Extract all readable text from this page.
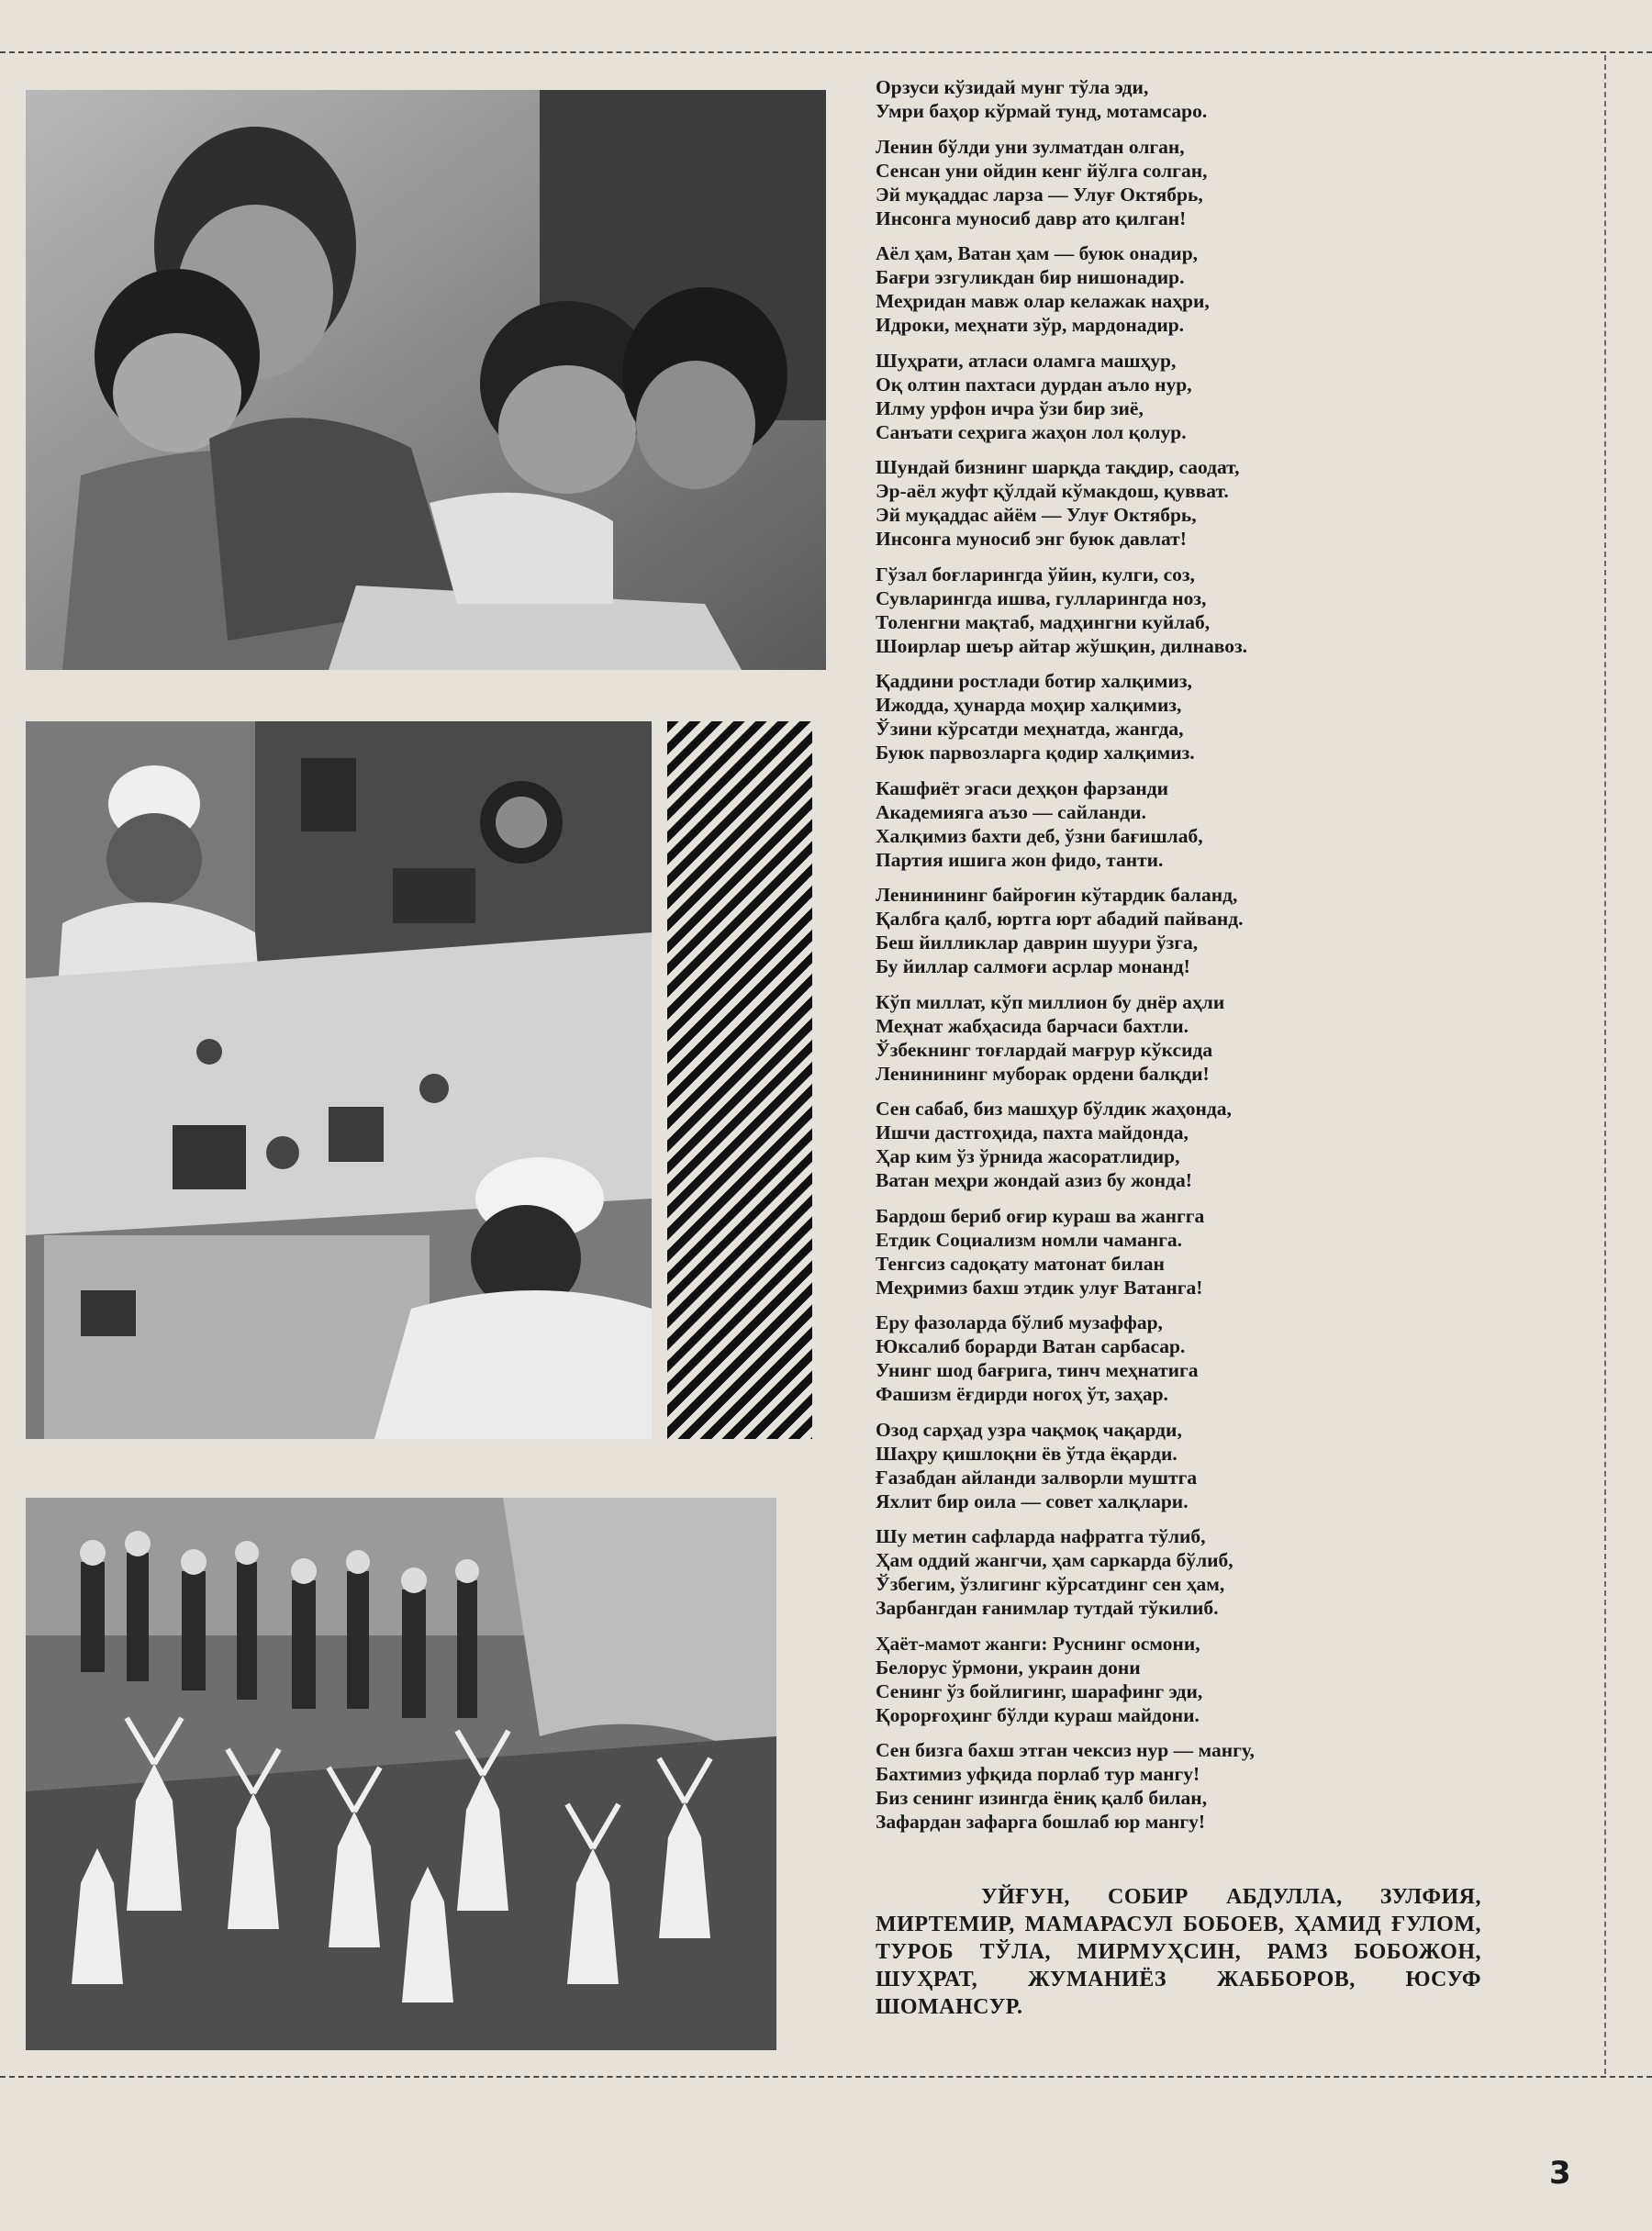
Орзуси кўзидай мунг тўла эди,
Умри баҳор кўрмай тунд, мотамсаро.
Ленин бўлди уни зулматдан олган,
Сенсан уни ойдин кенг йўлга солган,
Эй муқаддас ларза — Улуғ Октябрь,
Инсонга муносиб давр ато қилган!
Аёл ҳам, Ватан ҳам — буюк онадир,
Бағри эзгуликдан бир нишонадир.
Меҳридан мавж олар келажак наҳри,
Идроки, меҳнати зўр, мардонадир.
Шуҳрати, атласи оламга машҳур,
Оқ олтин пахтаси дурдан аъло нур,
Илму урфон ичра ўзи бир зиё,
Санъати сеҳрига жаҳон лол қолур.
Шундай бизнинг шарқда тақдир, саодат,
Эр-аёл жуфт қўлдай кўмакдош, қувват.
Эй муқаддас айём — Улуғ Октябрь,
Инсонга муносиб энг буюк давлат!
Гўзал боғларингда ўйин, кулги, соз,
Сувларингда ишва, гулларингда ноз,
Толенгни мақтаб, мадҳингни куйлаб,
Шоирлар шеър айтар жўшқин, дилнавоз.
Қаддини ростлади ботир халқимиз,
Ижодда, ҳунарда моҳир халқимиз,
Ўзини кўрсатди меҳнатда, жангда,
Буюк парвозларга қодир халқимиз.
Кашфиёт эгаси деҳқон фарзанди
Академияга аъзо — сайланди.
Халқимиз бахти деб, ўзни бағишлаб,
Партия ишига жон фидо, танти.
Ленинининг байроғин кўтардик баланд,
Қалбга қалб, юртга юрт абадий пайванд.
Беш йилликлар даврин шуури ўзга,
Бу йиллар салмоғи асрлар монанд!
Кўп миллат, кўп миллион бу днёр аҳли
Меҳнат жабҳасида барчаси бахтли.
Ўзбекнинг тоғлардай мағрур кўксида
Ленинининг муборак ордени балқди!
Сен сабаб, биз машҳур бўлдик жаҳонда,
Ишчи дастгоҳида, пахта майдонда,
Ҳар ким ўз ўрнида жасоратлидир,
Ватан меҳри жондай азиз бу жонда!
Бардош бериб оғир кураш ва жангга
Етдик Социализм номли чамангa.
Тенгсиз садоқату матонат билан
Меҳримиз бахш этдик улуғ Ватанга!
Еру фазоларда бўлиб музаффар,
Юксалиб борарди Ватан сарбасар.
Унинг шод бағрига, тинч меҳнатига
Фашизм ёғдирди ногоҳ ўт, заҳар.
Озод сарҳад узра чақмоқ чақарди,
Шаҳру қишлоқни ёв ўтда ёқарди.
Ғазабдан айланди залворли муштга
Яхлит бир оила — совет халқлари.
Шу метин сафларда нафратга тўлиб,
Ҳам оддий жангчи, ҳам саркарда бўлиб,
Ўзбегим, ўзлигинг кўрсатдинг сен ҳам,
Зарбангдан ғанимлар тутдай тўкилиб.
Ҳаёт-мамот жанги: Руснинг осмони,
Белорус ўрмони, украин дони
Сенинг ўз бойлигинг, шарафинг эди,
Қорорғоҳинг бўлди кураш майдони.
Сен бизга бахш этган чексиз нур — мангу,
Бахтимиз уфқида порлаб тур мангу!
Биз сенинг изингда ёниқ қалб билан,
Зафардан зафарга бошлаб юр мангу!
УЙҒУН, СОБИР АБДУЛЛА, ЗУЛФИЯ, МИРТЕМИР, МАМАРАСУЛ БОБОЕВ, ҲАМИД ҒУЛОМ, ТУРОБ ТЎЛА, МИРМУҲСИН, РАМЗ БОБОЖОН, ШУҲРАТ, ЖУМАНИЁЗ ЖАББОРОВ, ЮСУФ ШОМАНСУР.
3
